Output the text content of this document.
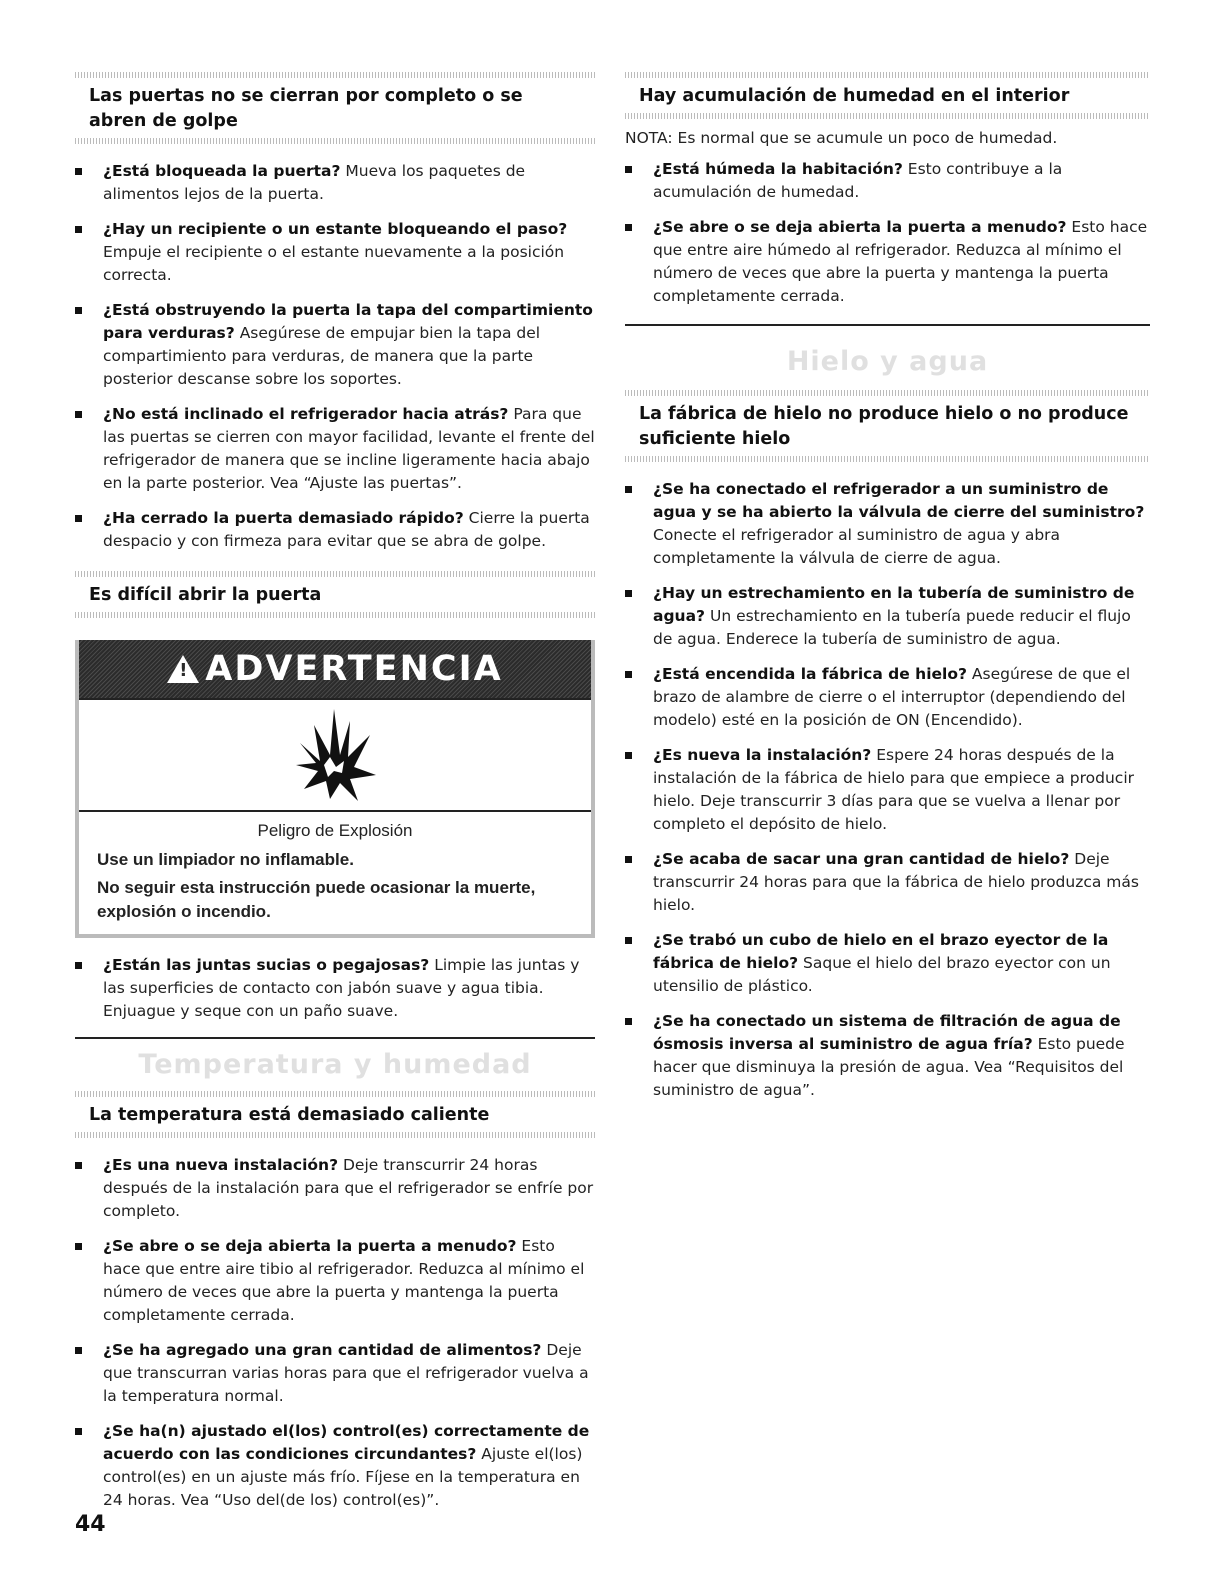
Las puertas no se cierran por completo o se abren de golpe
¿Está bloqueada la puerta? Mueva los paquetes de alimentos lejos de la puerta.
¿Hay un recipiente o un estante bloqueando el paso? Empuje el recipiente o el estante nuevamente a la posición correcta.
¿Está obstruyendo la puerta la tapa del compartimiento para verduras? Asegúrese de empujar bien la tapa del compartimiento para verduras, de manera que la parte posterior descanse sobre los soportes.
¿No está inclinado el refrigerador hacia atrás? Para que las puertas se cierren con mayor facilidad, levante el frente del refrigerador de manera que se incline ligeramente hacia abajo en la parte posterior. Vea “Ajuste las puertas”.
¿Ha cerrado la puerta demasiado rápido? Cierre la puerta despacio y con firmeza para evitar que se abra de golpe.
Es difícil abrir la puerta
! ADVERTENCIA
Peligro de Explosión
Use un limpiador no inflamable.
No seguir esta instrucción puede ocasionar la muerte, explosión o incendio.
¿Están las juntas sucias o pegajosas? Limpie las juntas y las superficies de contacto con jabón suave y agua tibia. Enjuague y seque con un paño suave.
Temperatura y humedad
La temperatura está demasiado caliente
¿Es una nueva instalación? Deje transcurrir 24 horas después de la instalación para que el refrigerador se enfríe por completo.
¿Se abre o se deja abierta la puerta a menudo? Esto hace que entre aire tibio al refrigerador. Reduzca al mínimo el número de veces que abre la puerta y mantenga la puerta completamente cerrada.
¿Se ha agregado una gran cantidad de alimentos? Deje que transcurran varias horas para que el refrigerador vuelva a la temperatura normal.
¿Se ha(n) ajustado el(los) control(es) correctamente de acuerdo con las condiciones circundantes? Ajuste el(los) control(es) en un ajuste más frío. Fíjese en la temperatura en 24 horas. Vea “Uso del(de los) control(es)”.
Hay acumulación de humedad en el interior
NOTA: Es normal que se acumule un poco de humedad.
¿Está húmeda la habitación? Esto contribuye a la acumulación de humedad.
¿Se abre o se deja abierta la puerta a menudo? Esto hace que entre aire húmedo al refrigerador. Reduzca al mínimo el número de veces que abre la puerta y mantenga la puerta completamente cerrada.
Hielo y agua
La fábrica de hielo no produce hielo o no produce suficiente hielo
¿Se ha conectado el refrigerador a un suministro de agua y se ha abierto la válvula de cierre del suministro? Conecte el refrigerador al suministro de agua y abra completamente la válvula de cierre de agua.
¿Hay un estrechamiento en la tubería de suministro de agua? Un estrechamiento en la tubería puede reducir el flujo de agua. Enderece la tubería de suministro de agua.
¿Está encendida la fábrica de hielo? Asegúrese de que el brazo de alambre de cierre o el interruptor (dependiendo del modelo) esté en la posición de ON (Encendido).
¿Es nueva la instalación? Espere 24 horas después de la instalación de la fábrica de hielo para que empiece a producir hielo. Deje transcurrir 3 días para que se vuelva a llenar por completo el depósito de hielo.
¿Se acaba de sacar una gran cantidad de hielo? Deje transcurrir 24 horas para que la fábrica de hielo produzca más hielo.
¿Se trabó un cubo de hielo en el brazo eyector de la fábrica de hielo? Saque el hielo del brazo eyector con un utensilio de plástico.
¿Se ha conectado un sistema de filtración de agua de ósmosis inversa al suministro de agua fría? Esto puede hacer que disminuya la presión de agua. Vea “Requisitos del suministro de agua”.
44
